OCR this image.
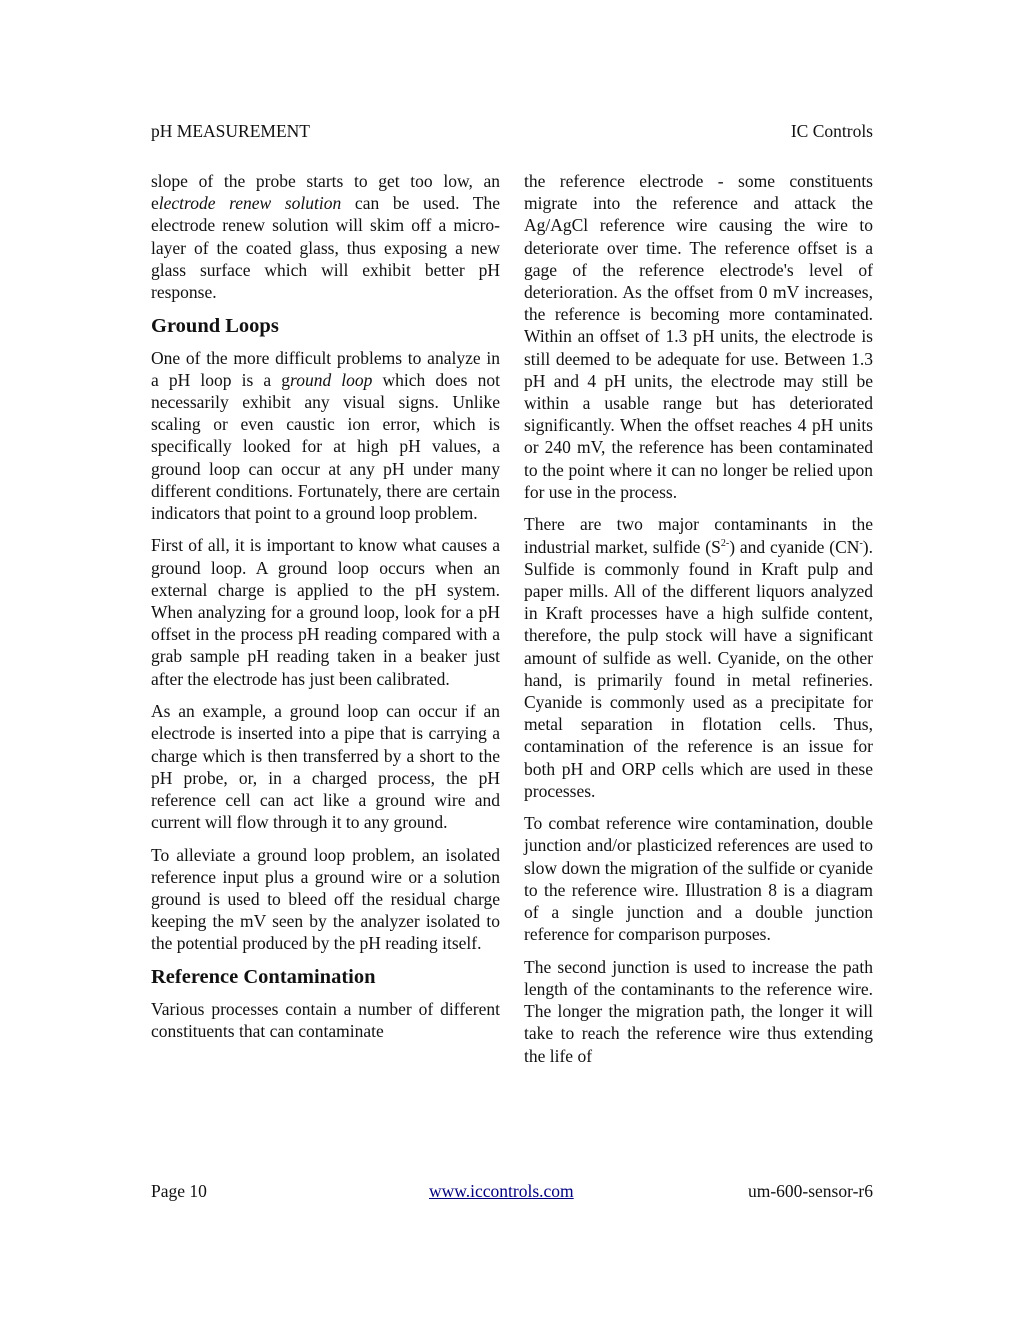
pH MEASUREMENT	IC Controls

slope of the probe starts to get too low, an electrode renew solution can be used. The electrode renew solution will skim off a micro-layer of the coated glass, thus exposing a new glass surface which will exhibit better pH response.

Ground Loops

One of the more difficult problems to analyze in a pH loop is a ground loop which does not necessarily exhibit any visual signs. Unlike scaling or even caustic ion error, which is specifically looked for at high pH values, a ground loop can occur at any pH under many different conditions. Fortunately, there are certain indicators that point to a ground loop problem.

First of all, it is important to know what causes a ground loop. A ground loop occurs when an external charge is applied to the pH system. When analyzing for a ground loop, look for a pH offset in the process pH reading compared with a grab sample pH reading taken in a beaker just after the electrode has just been calibrated.

As an example, a ground loop can occur if an electrode is inserted into a pipe that is carrying a charge which is then transferred by a short to the pH probe, or, in a charged process, the pH reference cell can act like a ground wire and current will flow through it to any ground.

To alleviate a ground loop problem, an isolated reference input plus a ground wire or a solution ground is used to bleed off the residual charge keeping the mV seen by the analyzer isolated to the potential produced by the pH reading itself.

Reference Contamination

Various processes contain a number of different constituents that can contaminate

the reference electrode - some constituents migrate into the reference and attack the Ag/AgCl reference wire causing the wire to deteriorate over time. The reference offset is a gage of the reference electrode's level of deterioration. As the offset from 0 mV increases, the reference is becoming more contaminated. Within an offset of 1.3 pH units, the electrode is still deemed to be adequate for use. Between 1.3 pH and 4 pH units, the electrode may still be within a usable range but has deteriorated significantly. When the offset reaches 4 pH units or 240 mV, the reference has been contaminated to the point where it can no longer be relied upon for use in the process.

There are two major contaminants in the industrial market, sulfide $(S^{2-})$ and cyanide (CN-). Sulfide is commonly found in Kraft pulp and paper mills. All of the different liquors analyzed in Kraft processes have a high sulfide content, therefore, the pulp stock will have a significant amount of sulfide as well. Cyanide, on the other hand, is primarily found in metal refineries. Cyanide is commonly used as a precipitate for metal separation in flotation cells. Thus, contamination of the reference is an issue for both pH and ORP cells which are used in these processes.

To combat reference wire contamination, double junction and/or plasticized references are used to slow down the migration of the sulfide or cyanide to the reference wire. Illustration 8 is a diagram of a single junction and a double junction reference for comparison purposes.

The second junction is used to increase the path length of the contaminants to the reference wire. The longer the migration path, the longer it will take to reach the reference wire thus extending the life of

Page 10	www.iccontrols.com	um-600-sensor-r6
